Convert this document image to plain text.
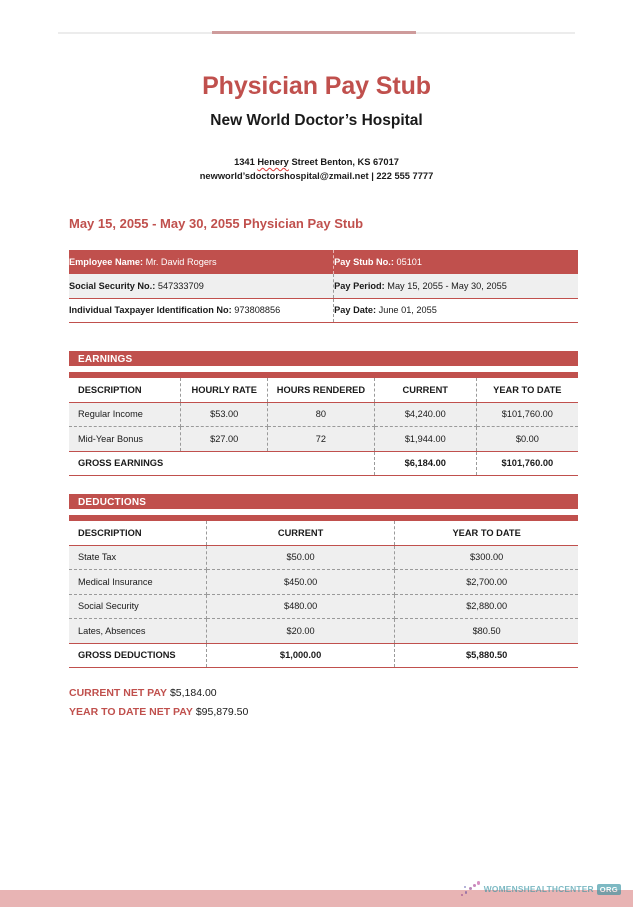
Physician Pay Stub
New World Doctor’s Hospital
1341 Henery Street Benton, KS 67017
newworld’sdoctorshospital@zmail.net | 222 555 7777
May 15, 2055 - May 30, 2055 Physician Pay Stub
Employee Name: Mr. David Rogers	Pay Stub No.: 05101
Social Security No.: 547333709	Pay Period: May 15, 2055 - May 30, 2055
Individual Taxpayer Identification No: 973808856	Pay Date: June 01, 2055
EARNINGS
DESCRIPTION	HOURLY RATE	HOURS RENDERED	CURRENT	YEAR TO DATE
Regular Income	$53.00	80	$4,240.00	$101,760.00
Mid-Year Bonus	$27.00	72	$1,944.00	$0.00
GROSS EARNINGS			$6,184.00	$101,760.00
DEDUCTIONS
DESCRIPTION	CURRENT	YEAR TO DATE
State Tax	$50.00	$300.00
Medical Insurance	$450.00	$2,700.00
Social Security	$480.00	$2,880.00
Lates, Absences	$20.00	$80.50
GROSS DEDUCTIONS	$1,000.00	$5,880.50
CURRENT NET PAY $5,184.00
YEAR TO DATE NET PAY $95,879.50
WOMENSHEALTHCENTER ORG
